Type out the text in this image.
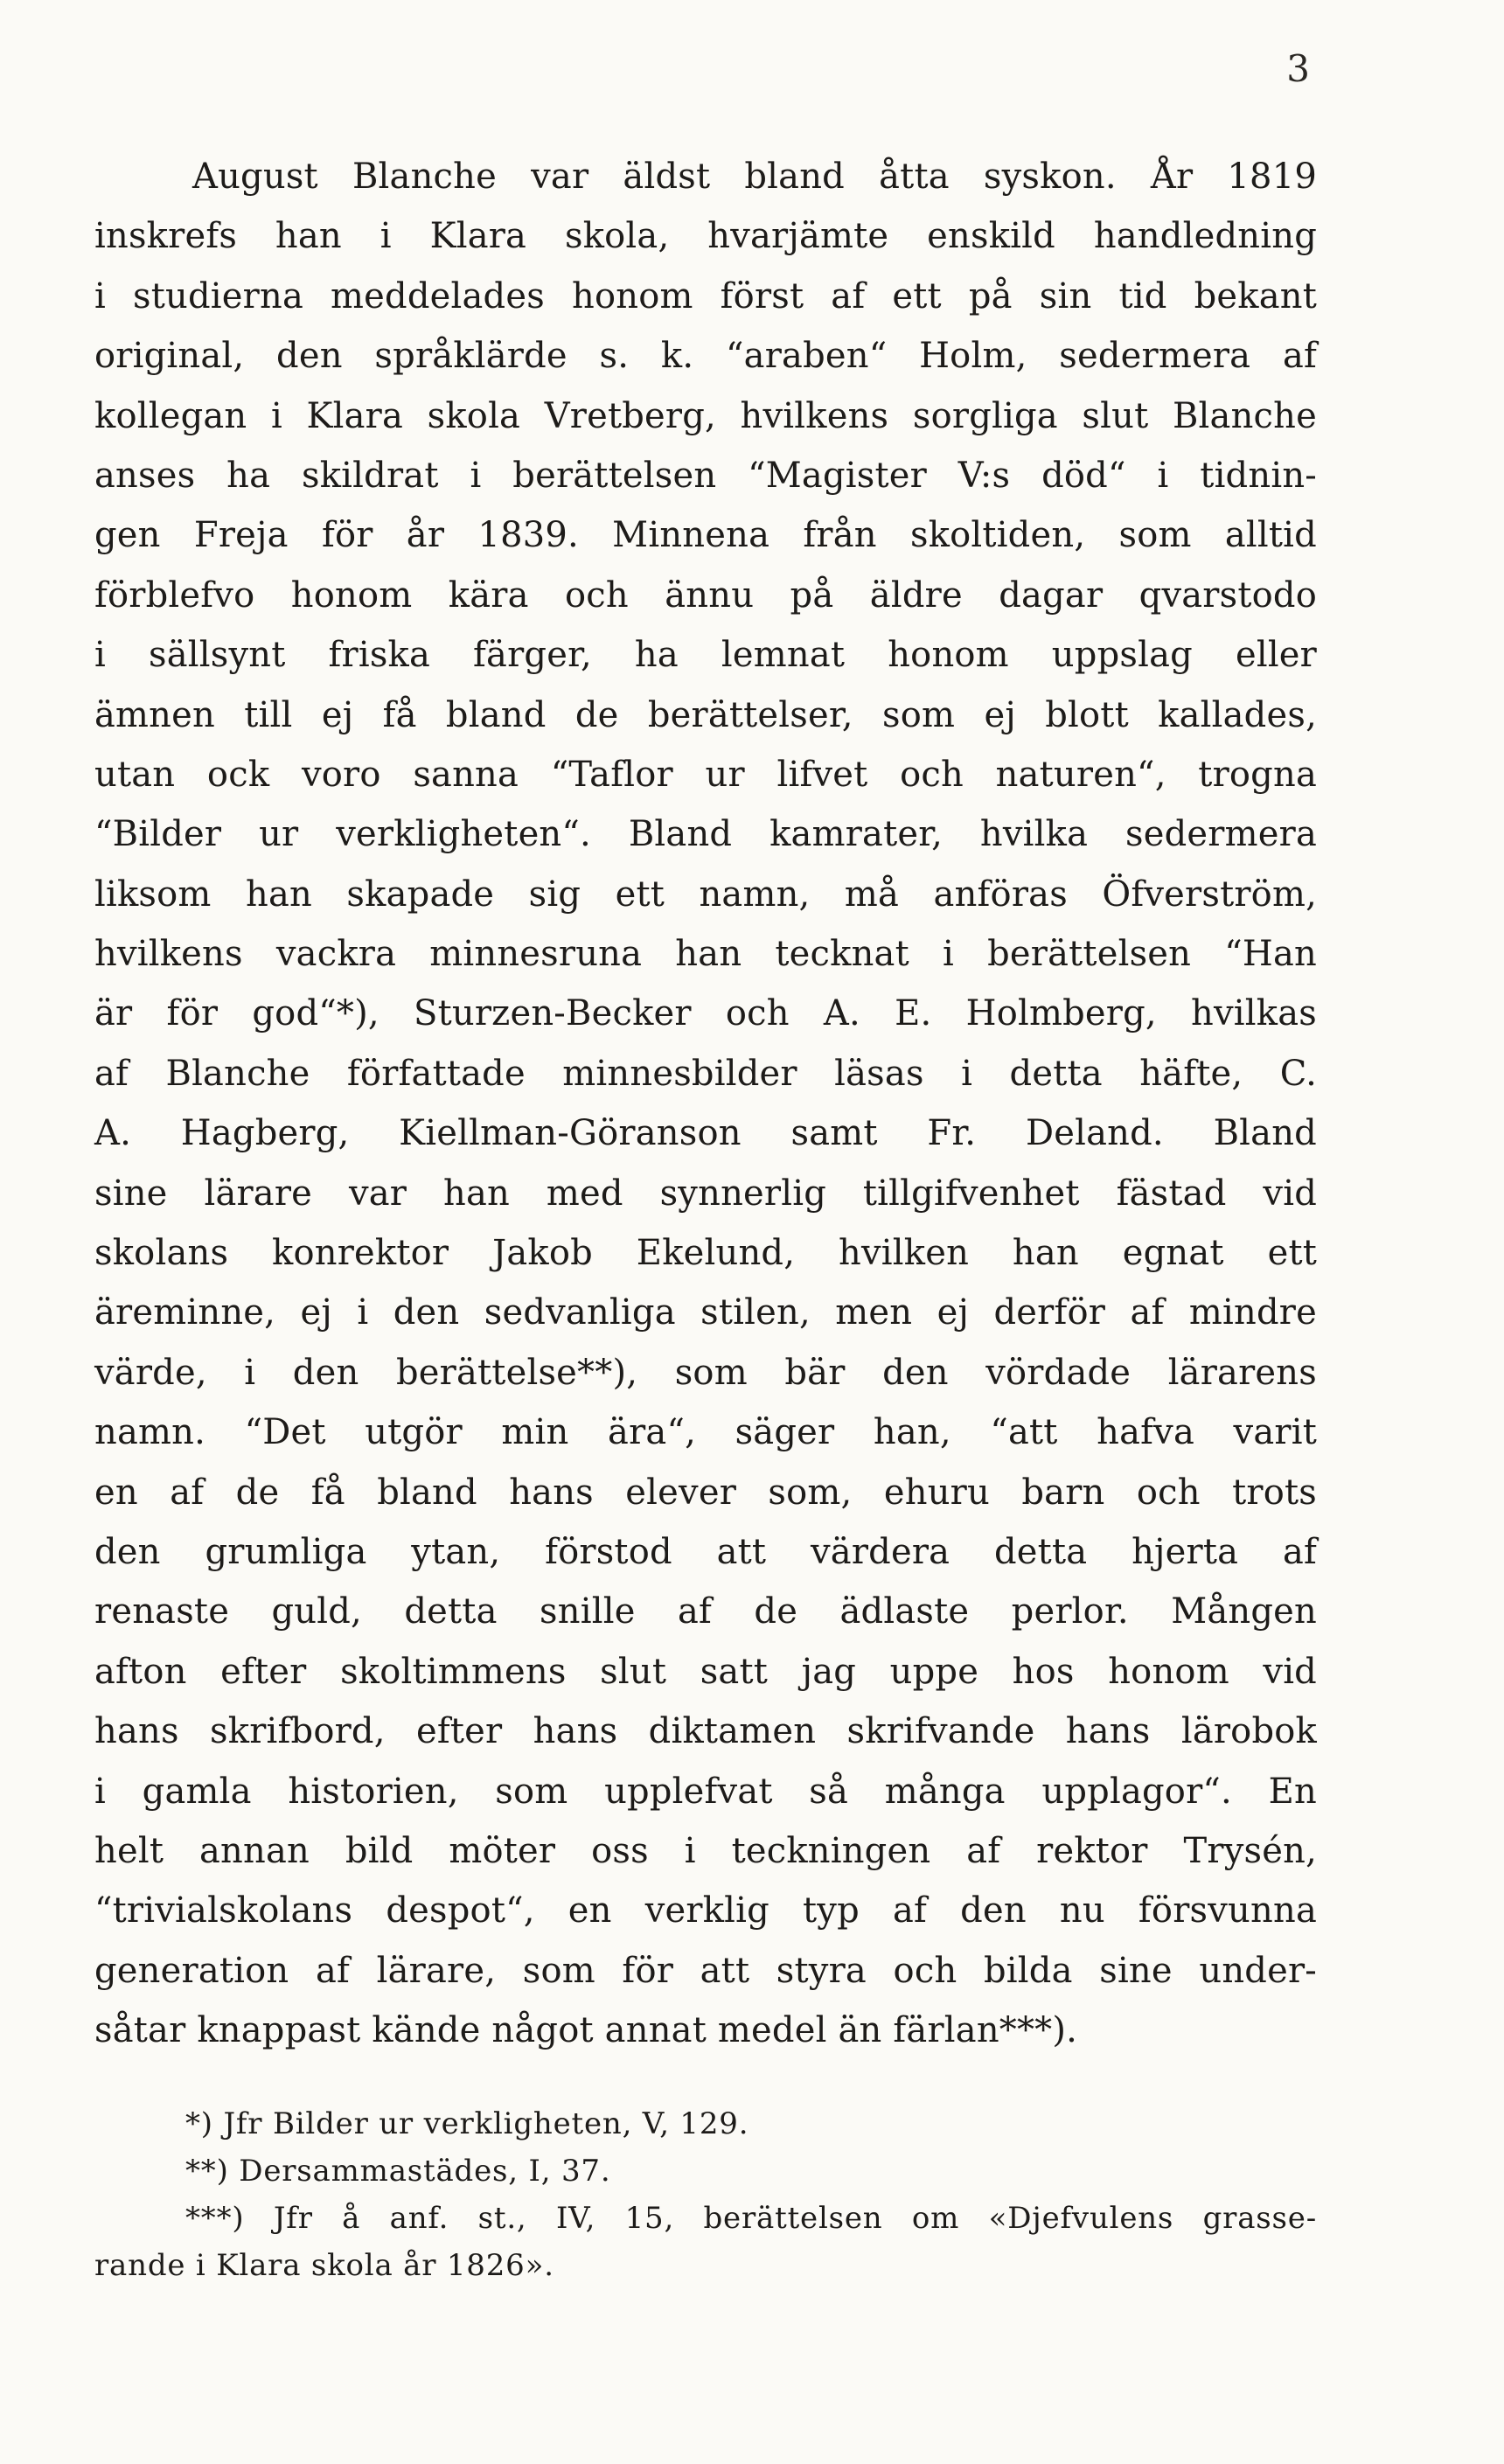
3
August Blanche var äldst bland åtta syskon. År 1819
inskrefs han i Klara skola, hvarjämte enskild handledning
i studierna meddelades honom först af ett på sin tid bekant
original, den språklärde s. k. “araben“ Holm, sedermera af
kollegan i Klara skola Vretberg, hvilkens sorgliga slut Blanche
anses ha skildrat i berättelsen “Magister V:s död“ i tidnin-
gen Freja för år 1839. Minnena från skoltiden, som alltid
förblefvo honom kära och ännu på äldre dagar qvarstodo
i sällsynt friska färger, ha lemnat honom uppslag eller
ämnen till ej få bland de berättelser, som ej blott kallades,
utan ock voro sanna “Taflor ur lifvet och naturen“, trogna
“Bilder ur verkligheten“. Bland kamrater, hvilka sedermera
liksom han skapade sig ett namn, må anföras Öfverström,
hvilkens vackra minnesruna han tecknat i berättelsen “Han
är för god“*), Sturzen-Becker och A. E. Holmberg, hvilkas
af Blanche författade minnesbilder läsas i detta häfte, C.
A. Hagberg, Kiellman-Göranson samt Fr. Deland. Bland
sine lärare var han med synnerlig tillgifvenhet fästad vid
skolans konrektor Jakob Ekelund, hvilken han egnat ett
äreminne, ej i den sedvanliga stilen, men ej derför af mindre
värde, i den berättelse**), som bär den vördade lärarens
namn. “Det utgör min ära“, säger han, “att hafva varit
en af de få bland hans elever som, ehuru barn och trots
den grumliga ytan, förstod att värdera detta hjerta af
renaste guld, detta snille af de ädlaste perlor. Mången
afton efter skoltimmens slut satt jag uppe hos honom vid
hans skrifbord, efter hans diktamen skrifvande hans lärobok
i gamla historien, som upplefvat så många upplagor“. En
helt annan bild möter oss i teckningen af rektor Trysén,
“trivialskolans despot“, en verklig typ af den nu försvunna
generation af lärare, som för att styra och bilda sine under-
såtar knappast kände något annat medel än färlan***).
*) Jfr Bilder ur verkligheten, V, 129.
**) Dersammastädes, I, 37.
***) Jfr å anf. st., IV, 15, berättelsen om «Djefvulens grasse-
rande i Klara skola år 1826».
